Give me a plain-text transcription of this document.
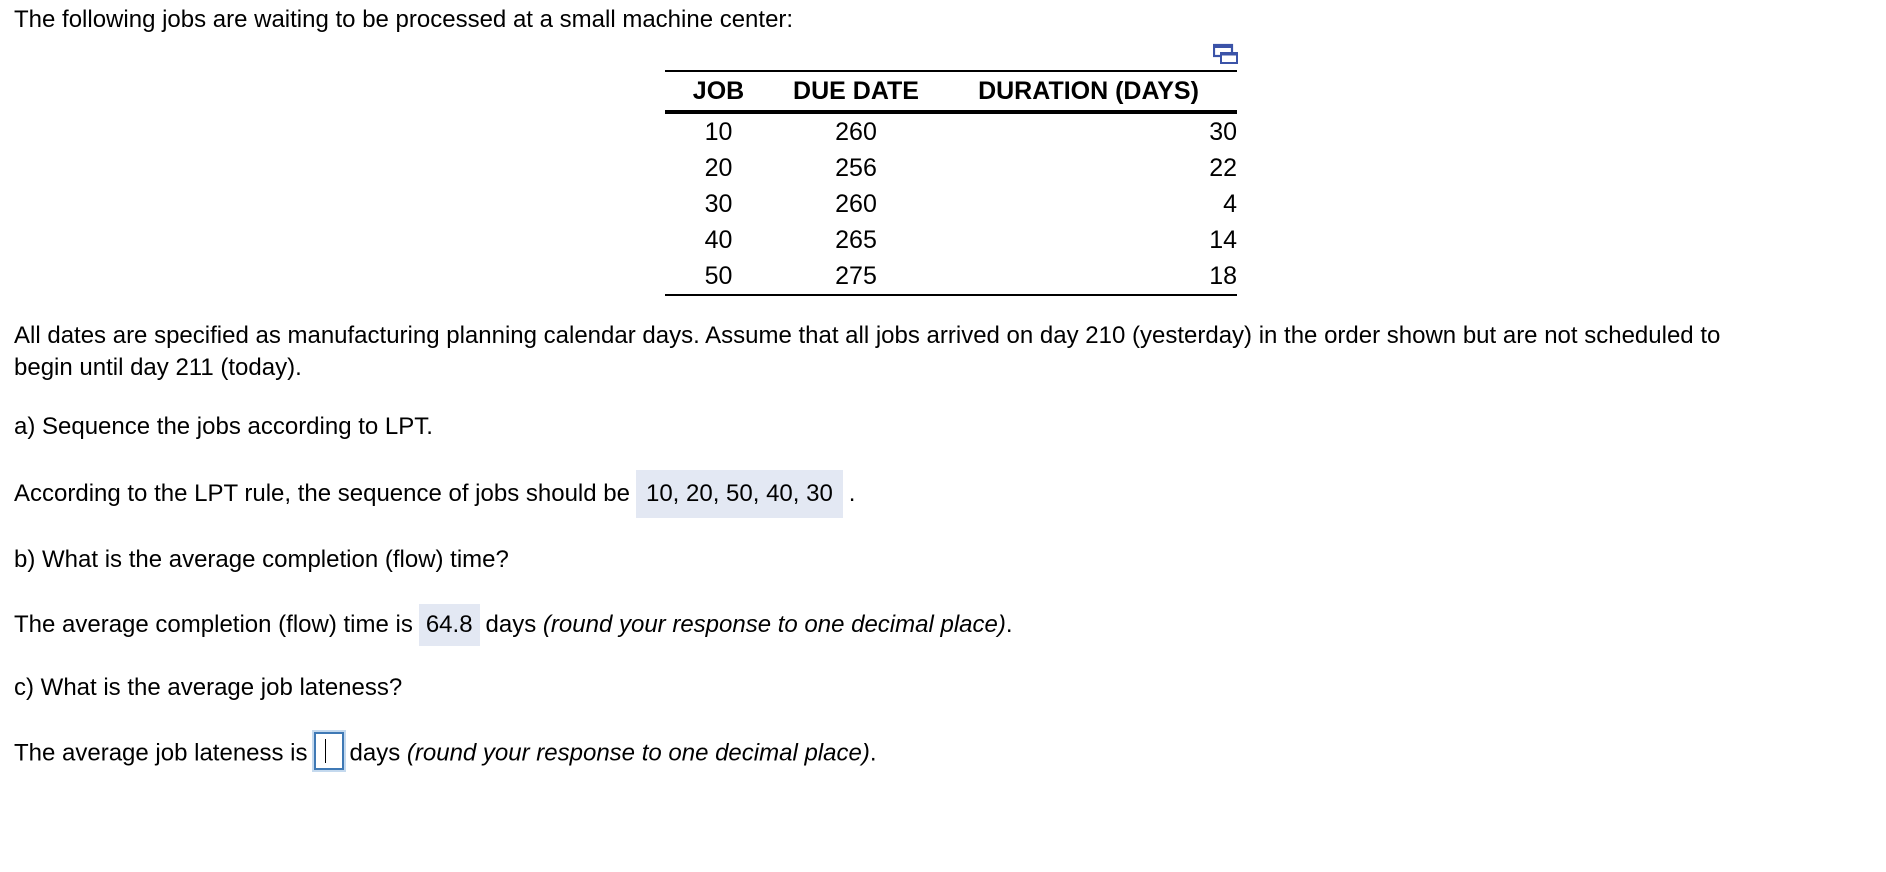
The following jobs are waiting to be processed at a small machine center:
JOB	DUE DATE	DURATION (DAYS)
10	260	30
20	256	22
30	260	4
40	265	14
50	275	18
All dates are specified as manufacturing planning calendar days. Assume that all jobs arrived on day 210 (yesterday) in the order shown but are not scheduled to
begin until day 211 (today).
a) Sequence the jobs according to LPT.
According to the LPT rule, the sequence of jobs should be 10, 20, 50, 40, 30 .
b) What is the average completion (flow) time?
The average completion (flow) time is 64.8 days (round your response to one decimal place).
c) What is the average job lateness?
The average job lateness is days (round your response to one decimal place).
